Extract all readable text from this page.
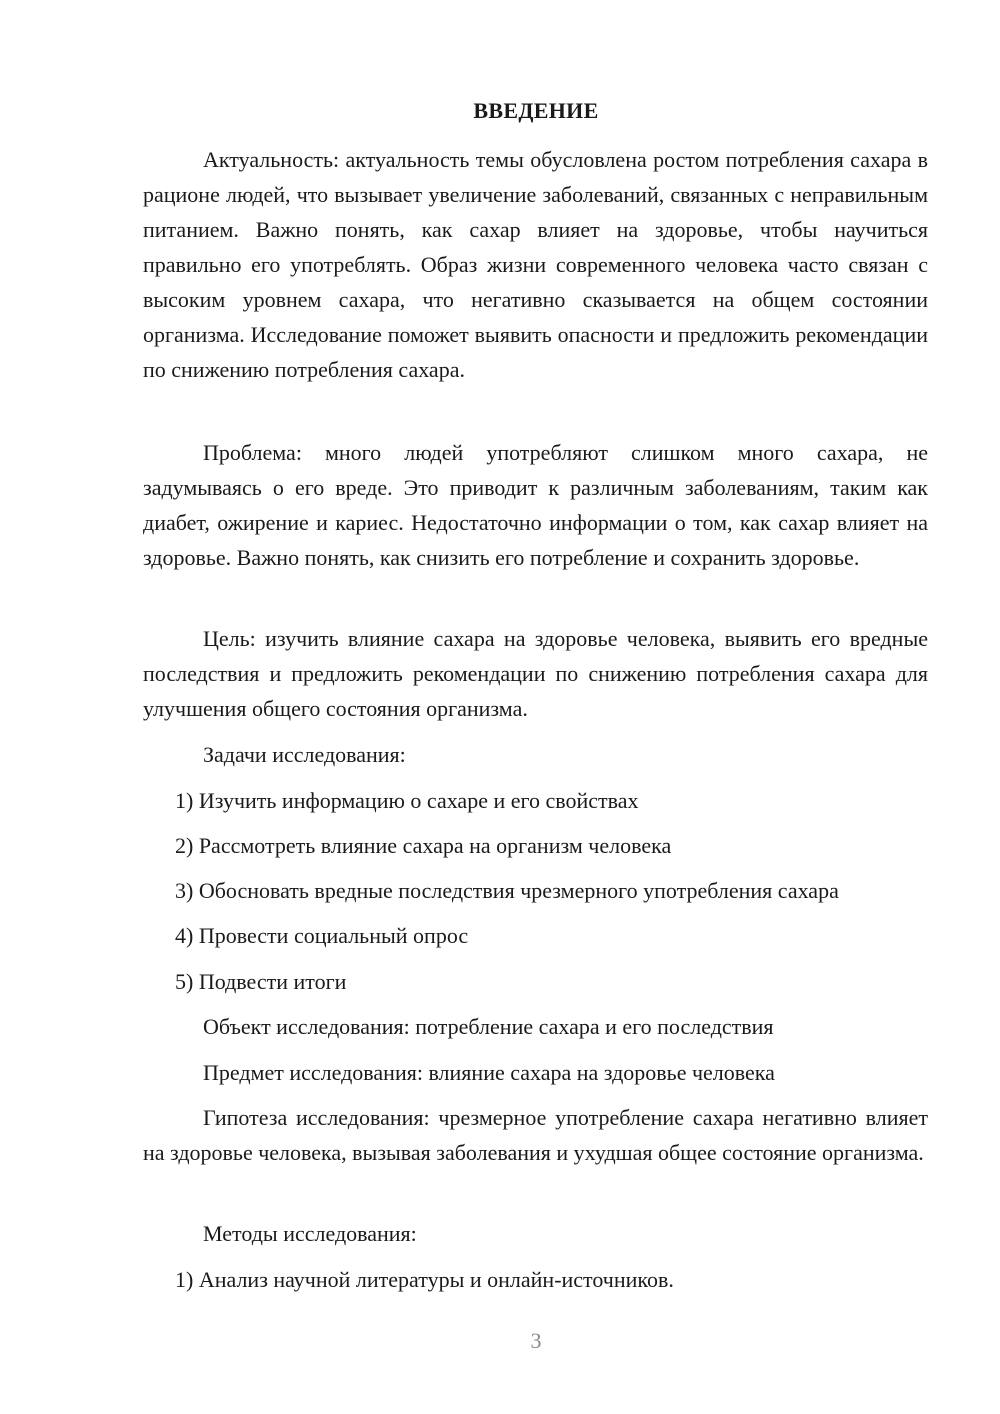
ВВЕДЕНИЕ

Актуальность: актуальность темы обусловлена ростом потребления сахара в рационе людей, что вызывает увеличение заболеваний, связанных с неправильным питанием. Важно понять, как сахар влияет на здоровье, чтобы научиться правильно его употреблять. Образ жизни современного человека часто связан с высоким уровнем сахара, что негативно сказывается на общем состоянии организма. Исследование поможет выявить опасности и предложить рекомендации по снижению потребления сахара.

Проблема: много людей употребляют слишком много сахара, не задумываясь о его вреде. Это приводит к различным заболеваниям, таким как диабет, ожирение и кариес. Недостаточно информации о том, как сахар влияет на здоровье. Важно понять, как снизить его потребление и сохранить здоровье.

Цель: изучить влияние сахара на здоровье человека, выявить его вредные последствия и предложить рекомендации по снижению потребления сахара для улучшения общего состояния организма.

Задачи исследования:

1) Изучить информацию о сахаре и его свойствах

2) Рассмотреть влияние сахара на организм человека

3) Обосновать вредные последствия чрезмерного употребления сахара

4) Провести социальный опрос

5) Подвести итоги

Объект исследования: потребление сахара и его последствия

Предмет исследования: влияние сахара на здоровье человека

Гипотеза исследования: чрезмерное употребление сахара негативно влияет на здоровье человека, вызывая заболевания и ухудшая общее состояние организма.

Методы исследования:

1) Анализ научной литературы и онлайн-источников.

3
